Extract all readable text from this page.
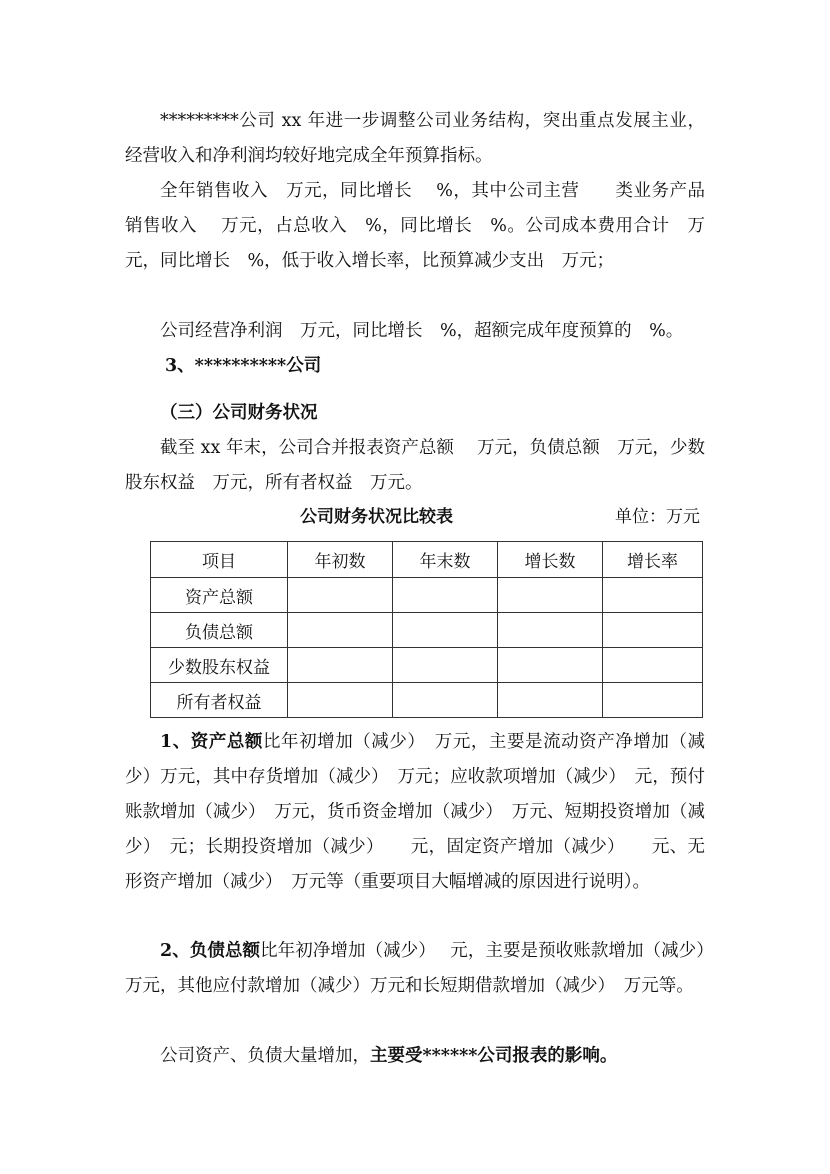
*********公司 xx 年进一步调整公司业务结构，突出重点发展主业，经营收入和净利润均较好地完成全年预算指标。

全年销售收入　万元，同比增长　 %，其中公司主营　　类业务产品销售收入　 万元，占总收入　%，同比增长　%。公司成本费用合计　万元，同比增长　%，低于收入增长率，比预算减少支出　万元；

公司经营净利润　万元，同比增长　%，超额完成年度预算的　%。

3、**********公司

（三）公司财务状况

截至 xx 年末，公司合并报表资产总额　 万元，负债总额　万元，少数股东权益　万元，所有者权益　万元。

公司财务状况比较表	单位：万元
项目	年初数	年末数	增长数	增长率
资产总额				
负债总额				
少数股东权益				
所有者权益				

1、资产总额比年初增加（减少）　万元，主要是流动资产净增加（减少）万元，其中存货增加（减少）　万元；应收款项增加（减少）　元，预付账款增加（减少）　万元，货币资金增加（减少）　万元、短期投资增加（减少）　元；长期投资增加（减少）　　元，固定资产增加（减少）　　元、无形资产增加（减少）　万元等（重要项目大幅增减的原因进行说明）。

2、负债总额比年初净增加（减少）　 元，主要是预收账款增加（减少）万元，其他应付款增加（减少）万元和长短期借款增加（减少）　万元等。

公司资产、负债大量增加，主要受******公司报表的影响。
